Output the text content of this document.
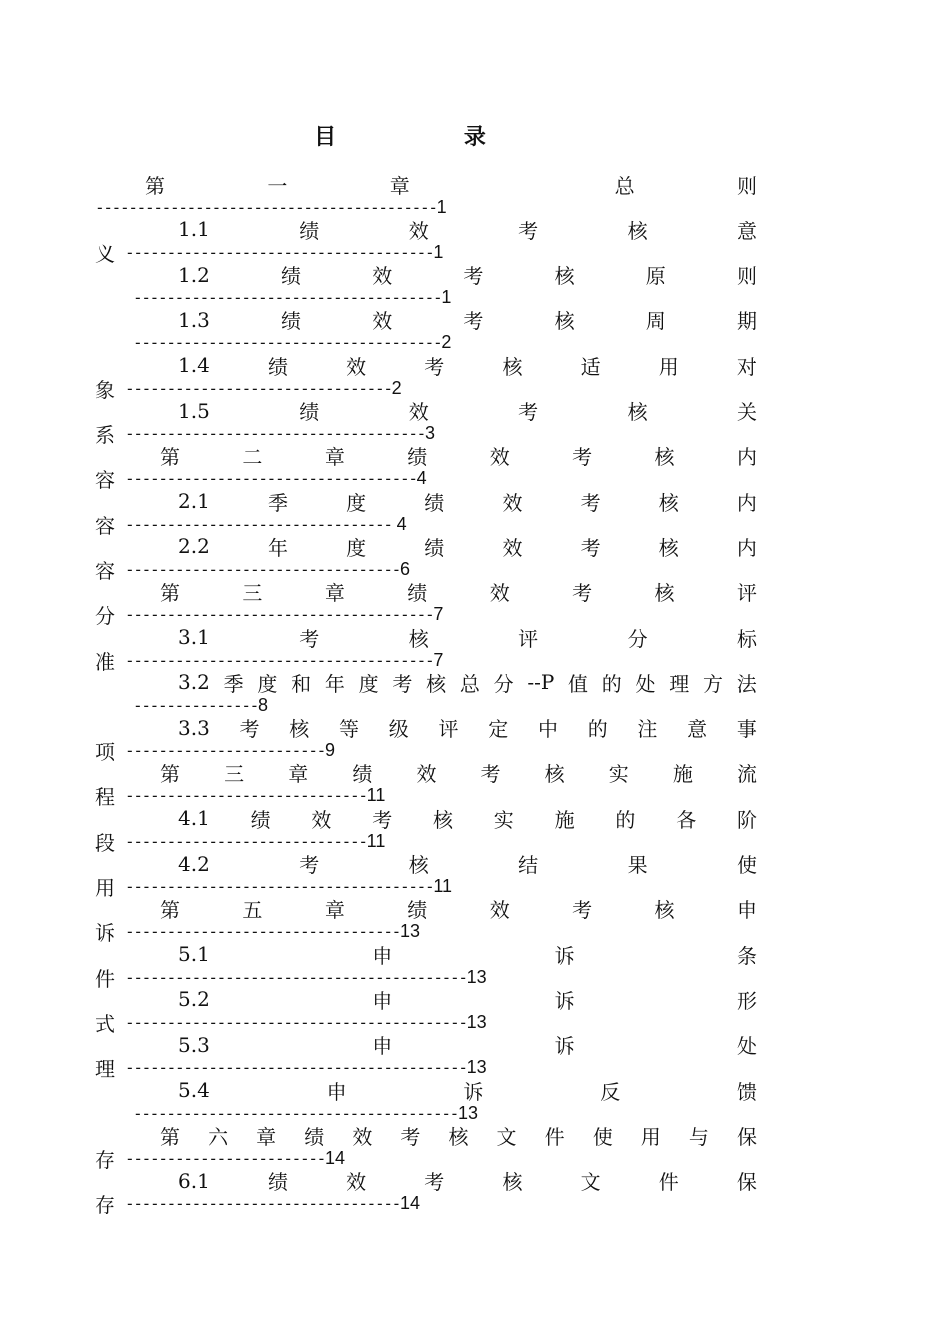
目 录
第	一	章	总	则
----------------------------------------- 1
1.1	绩	效	考	核	意
义 ------------------------------------- 1
1.2	绩	效	考	核	原	则
------------------------------------- 1
1.3	绩	效	考	核	周	期
------------------------------------- 2
1.4	绩	效	考	核	适	用	对
象 -------------------------------- 2
1.5	绩	效	考	核	关
系 ------------------------------------ 3
第	二	章	绩	效	考	核	内
容 ----------------------------------- 4
2.1	季	度	绩	效	考	核	内
容 -------------------------------- 4
2.2	年	度	绩	效	考	核	内
容 --------------------------------- 6
第	三	章	绩	效	考	核	评
分 ------------------------------------- 7
3.1	考	核	评	分	标
准 ------------------------------------- 7
3.2 季 度 和 年 度 考 核 总 分 --P 值 的 处 理 方 法
--------------- 8
3.3 考 核 等 级 评 定 中 的 注 意 事
项 ------------------------ 9
第 三 章 绩 效 考 核 实 施 流
程 ----------------------------- 11
4.1 绩 效 考 核 实 施 的 各 阶
段 ----------------------------- 11
4.2	考	核	结	果	使
用 ------------------------------------- 11
第	五	章	绩	效	考	核	申
诉 --------------------------------- 13
5.1	申	诉	条
件 ----------------------------------------- 13
5.2	申	诉	形
式 ----------------------------------------- 13
5.3	申	诉	处
理 ----------------------------------------- 13
5.4	申	诉	反	馈
--------------------------------------- 13
第 六 章 绩 效 考 核 文 件 使 用 与 保
存 ------------------------ 14
6.1	绩	效	考	核	文	件	保
存 --------------------------------- 14
